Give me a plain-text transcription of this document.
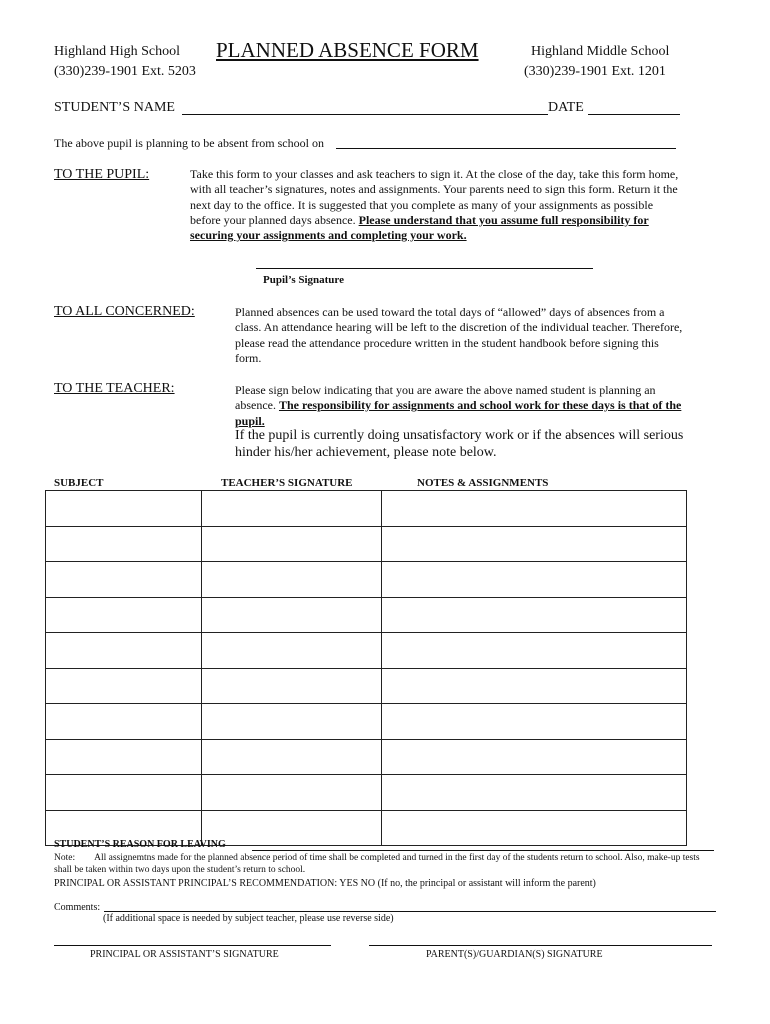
Highland High School
(330)239-1901 Ext. 5203
PLANNED ABSENCE FORM	Highland Middle School
(330)239-1901 Ext. 1201
STUDENT’S NAME	DATE
The above pupil is planning to be absent from school on
TO THE PUPIL:	Take this form to your classes and ask teachers to sign it. At the close of the day, take this form home, with all teacher’s signatures, notes and assignments. Your parents need to sign this form. Return it the next day to the office. It is suggested that you complete as many of your assignments as possible before your planned days absence. Please understand that you assume full responsibility for securing your assignments and completing your work.
Pupil’s Signature
TO ALL CONCERNED:	Planned absences can be used toward the total days of “allowed” days of absences from a class. An attendance hearing will be left to the discretion of the individual teacher. Therefore, please read the attendance procedure written in the student handbook before signing this form.
TO THE TEACHER:	Please sign below indicating that you are aware the above named student is planning an absence. The responsibility for assignments and school work for these days is that of the pupil.
If the pupil is currently doing unsatisfactory work or if the absences will serious hinder his/her achievement, please note below.
SUBJECT	TEACHER’S SIGNATURE	NOTES & ASSIGNMENTS

STUDENT’S REASON FOR LEAVING
Note: All assignemtns made for the planned absence period of time shall be completed and turned in the first day of the students return to school. Also, make-up tests shall be taken within two days upon the student’s return to school.
PRINCIPAL OR ASSISTANT PRINCIPAL’S RECOMMENDATION: YES NO (If no, the principal or assistant will inform the parent)
Comments:
(If additional space is needed by subject teacher, please use reverse side)
PRINCIPAL OR ASSISTANT’S SIGNATURE	PARENT(S)/GUARDIAN(S) SIGNATURE
